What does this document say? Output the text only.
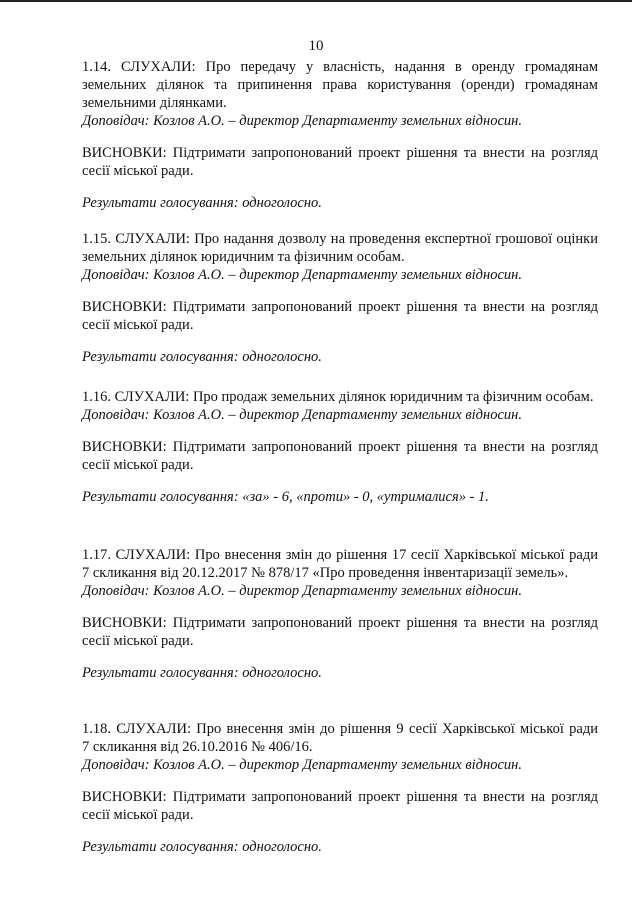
10

1.14. СЛУХАЛИ: Про передачу у власність, надання в оренду громадянам земельних ділянок та припинення права користування (оренди) громадянам земельними ділянками.

Доповідач: Козлов А.О. – директор Департаменту земельних відносин.

ВИСНОВКИ: Підтримати запропонований проект рішення та внести на розгляд сесії міської ради.

Результати голосування: одноголосно.

1.15. СЛУХАЛИ: Про надання дозволу на проведення експертної грошової оцінки земельних ділянок юридичним та фізичним особам.

Доповідач: Козлов А.О. – директор Департаменту земельних відносин.

ВИСНОВКИ: Підтримати запропонований проект рішення та внести на розгляд сесії міської ради.

Результати голосування: одноголосно.

1.16. СЛУХАЛИ: Про продаж земельних ділянок юридичним та фізичним особам.

Доповідач: Козлов А.О. – директор Департаменту земельних відносин.

ВИСНОВКИ: Підтримати запропонований проект рішення та внести на розгляд сесії міської ради.

Результати голосування: «за» - 6, «проти» - 0, «утрималися» - 1.

1.17. СЛУХАЛИ: Про внесення змін до рішення 17 сесії Харківської міської ради

7 скликання від 20.12.2017 № 878/17 «Про проведення інвентаризації земель».

Доповідач: Козлов А.О. – директор Департаменту земельних відносин.

ВИСНОВКИ: Підтримати запропонований проект рішення та внести на розгляд сесії міської ради.

Результати голосування: одноголосно.

1.18. СЛУХАЛИ: Про внесення змін до рішення 9 сесії Харківської міської ради

7 скликання від 26.10.2016 № 406/16.

Доповідач: Козлов А.О. – директор Департаменту земельних відносин.

ВИСНОВКИ: Підтримати запропонований проект рішення та внести на розгляд сесії міської ради.

Результати голосування: одноголосно.
